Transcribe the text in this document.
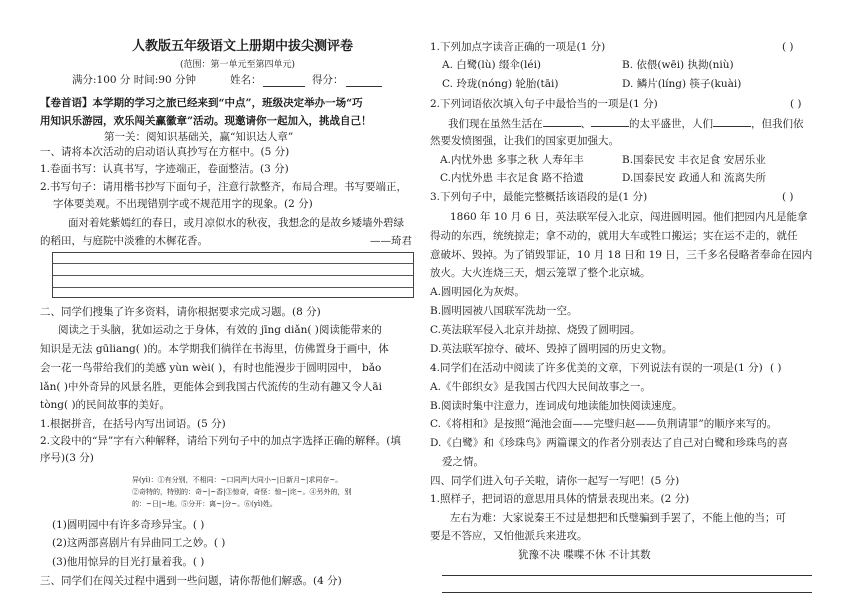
人教版五年级语文上册期中拔尖测评卷
(范围：第一单元至第四单元)
满分:100 分 时间:90 分钟	姓名：	得分：
【卷首语】本学期的学习之旅已经来到“中点”，班级决定举办一场“巧
用知识乐游园，欢乐闯关赢徽章”活动。现邀请你一起加入，挑战自己！
第一关：阅知识基础关，赢“知识达人章”
一、请将本次活动的启动语认真抄写在方框中。(5 分)
1.卷面书写：认真书写，字迹端正，卷面整洁。(3 分)
2.书写句子：请用楷书抄写下面句子，注意行款整齐，布局合理。书写要端正，
字体要美观。不出现错别字或不规范用字的现象。(2 分)
面对着姹紫嫣红的春日，或月凉似水的秋夜，我想念的是故乡矮墙外碧绿
的稻田，与庭院中淡雅的木樨花香。	——琦君
二、同学们搜集了许多资料，请你根据要求完成习题。(8 分)
阅读之于头脑，犹如运动之于身体，有效的 jīng diǎn( )阅读能带来的
知识是无法 gūliang( )的。本学期我们徜徉在书海里，仿佛置身于画中，体
会一花一鸟带给我们的美感 yùn wèi( )，有时也能漫步于圆明园中， bǎo
lǎn( )中外奇异的风景名胜，更能体会到我国古代流传的生动有趣又令人āi
tòng( )的民间故事的美好。
1.根据拼音，在括号内写出词语。(5 分)
2.文段中的“异”字有六种解释，请给下列句子中的加点字选择正确的解释。(填
序号)(3 分)
异(yì)：①有分别，不相同：~口同声|大同小~|日新月~|求同存~。
②奇特的，特别的：奇~|~香|③惊奇，奇怪：惊~|诧~。④另外的，别
的：~日|~地。⑤分开：离~|分~。⑥(yì)姓。
(1)圆明园中有许多奇珍异宝。( )
(2)这两部喜剧片有异曲同工之妙。( )
(3)他用惊异的目光打量着我。( )
三、同学们在闯关过程中遇到一些问题，请你帮他们解惑。(4 分)
1.下列加点字读音正确的一项是(1 分)	( )
A. 白鹭(lù) 缀伞(léi)	B. 依偎(wēi) 执拗(niù)
C. 玲珑(nóng) 轮胎(tāi)	D. 鳞片(líng) 筷子(kuài)
2.下列词语依次填入句子中最恰当的一项是(1 分)	( )
我们现在虽然生活在	、	的太平盛世，人们	，但我们依
然要发愤图强，让我们的国家更加强大。
A.内忧外患 多事之秋 人寿年丰	B.国泰民安 丰衣足食 安居乐业
C.内忧外患 丰衣足食 路不拾遗	D.国泰民安 政通人和 流离失所
3.下列句子中，最能完整概括该语段的是(1 分)	( )
1860 年 10 月 6 日，英法联军侵入北京，闯进圆明园。他们把园内凡是能拿
得动的东西，统统掠走；拿不动的，就用大车或牲口搬运；实在运不走的，就任
意破坏、毁掉。为了销毁罪证，10 月 18 日和 19 日，三千多名侵略者奉命在园内
放火。大火连烧三天，烟云笼罩了整个北京城。
A.圆明园化为灰烬。
B.圆明园被八国联军洗劫一空。
C.英法联军侵入北京并劫掠、烧毁了圆明园。
D.英法联军掠夺、破坏、毁掉了圆明园的历史文物。
4.同学们在活动中阅读了许多优美的文章，下列说法有误的一项是(1 分) ( )
A.《牛郎织女》是我国古代四大民间故事之一。
B.阅读时集中注意力，连词成句地读能加快阅读速度。
C.《将相和》是按照“渑池会面——完璧归赵——负荆请罪”的顺序来写的。
D.《白鹭》和《珍珠鸟》两篇课文的作者分别表达了自己对白鹭和珍珠鸟的喜
爱之情。
四、同学们进入句子关啦，请你一起写一写吧！(5 分)
1.照样子，把词语的意思用具体的情景表现出来。(2 分)
左右为难：大家说秦王不过是想把和氏璧骗到手罢了，不能上他的当；可
要是不答应，又怕他派兵来进攻。
犹豫不决 喋喋不休 不计其数
